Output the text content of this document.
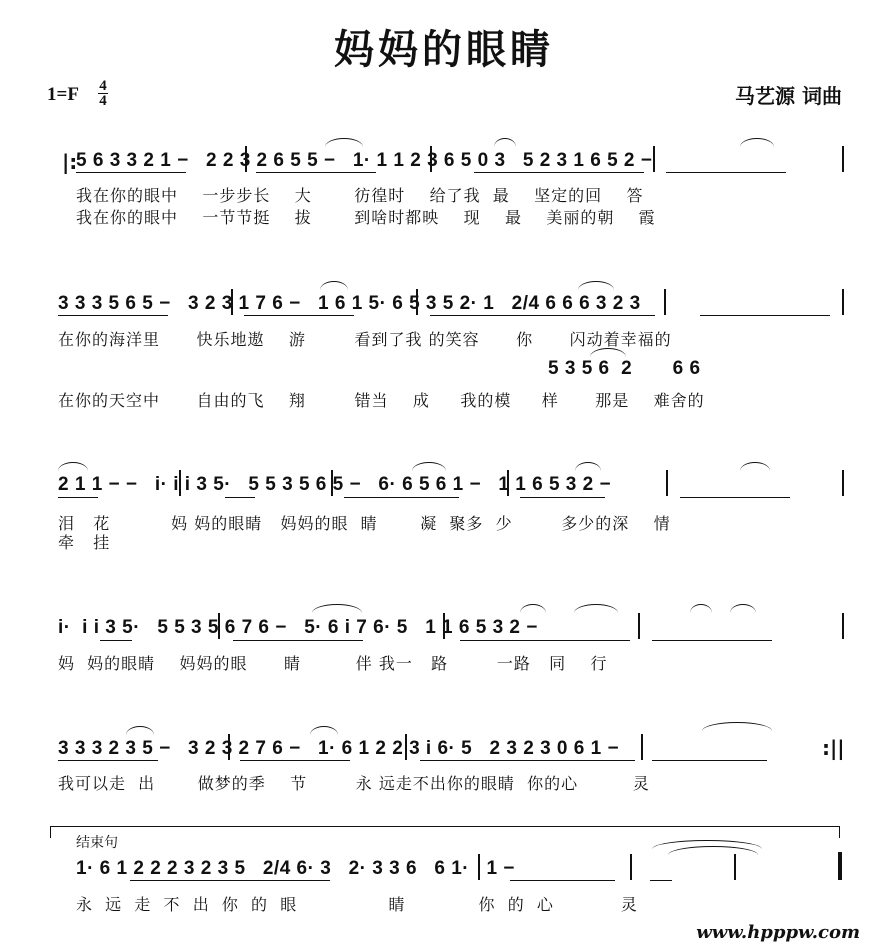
妈妈的眼睛
1=F 4
4	马艺源 词曲
|:
5 6 3 3 2 1 −   2 2 3 2 6 5 5 −   1· 1 1 2 3 6 5 0 3   5 2 3 1 6 5 2 −
我在你的眼中    一步步长    大       彷徨时    给了我  最    坚定的回    答
我在你的眼中    一节节挺    拔       到啥时都映    现    最    美丽的朝    霞
3 3 3 5 6 5 −   3 2 3 1 7 6 −   1 6 1 5· 6 5 3 5 2· 1   2/4 6 6 6 3 2 3
在你的海洋里      快乐地遨    游        看到了我 的笑容      你      闪动着幸福的
5 3 5 6  2       6 6
在你的天空中      自由的飞    翔        错当    成     我的模     样      那是    难舍的
2 1 1 − −   i· i i 3 5·   5 5 3 5 6 5 −   6· 6 5 6 1 −   1 1 6 5 3 2 −
泪   花          妈 妈的眼睛   妈妈的眼  睛       凝  聚多  少        多少的深    情
牵   挂
i·  i i 3 5·   5 5 3 5 6 7 6 −   5· 6 i 7 6· 5   1 1 6 5 3 2 −
妈  妈的眼睛    妈妈的眼      睛         伴 我一   路        一路   同    行
3 3 3 2 3 5 −   3 2 3 2 7 6 −   1· 6 1 2 2 3 i 6· 5   2 3 2 3 0 6 1 −
我可以走  出       做梦的季    节        永 远走不出你的眼睛  你的心         灵
:||
结束句
1· 6 1 2 2 2 3 2 3 5   2/4 6· 3   2· 3 3 6   6 1·   1 −
永  远  走  不  出  你  的  眼               睛            你  的  心           灵
www.hpppw.com
